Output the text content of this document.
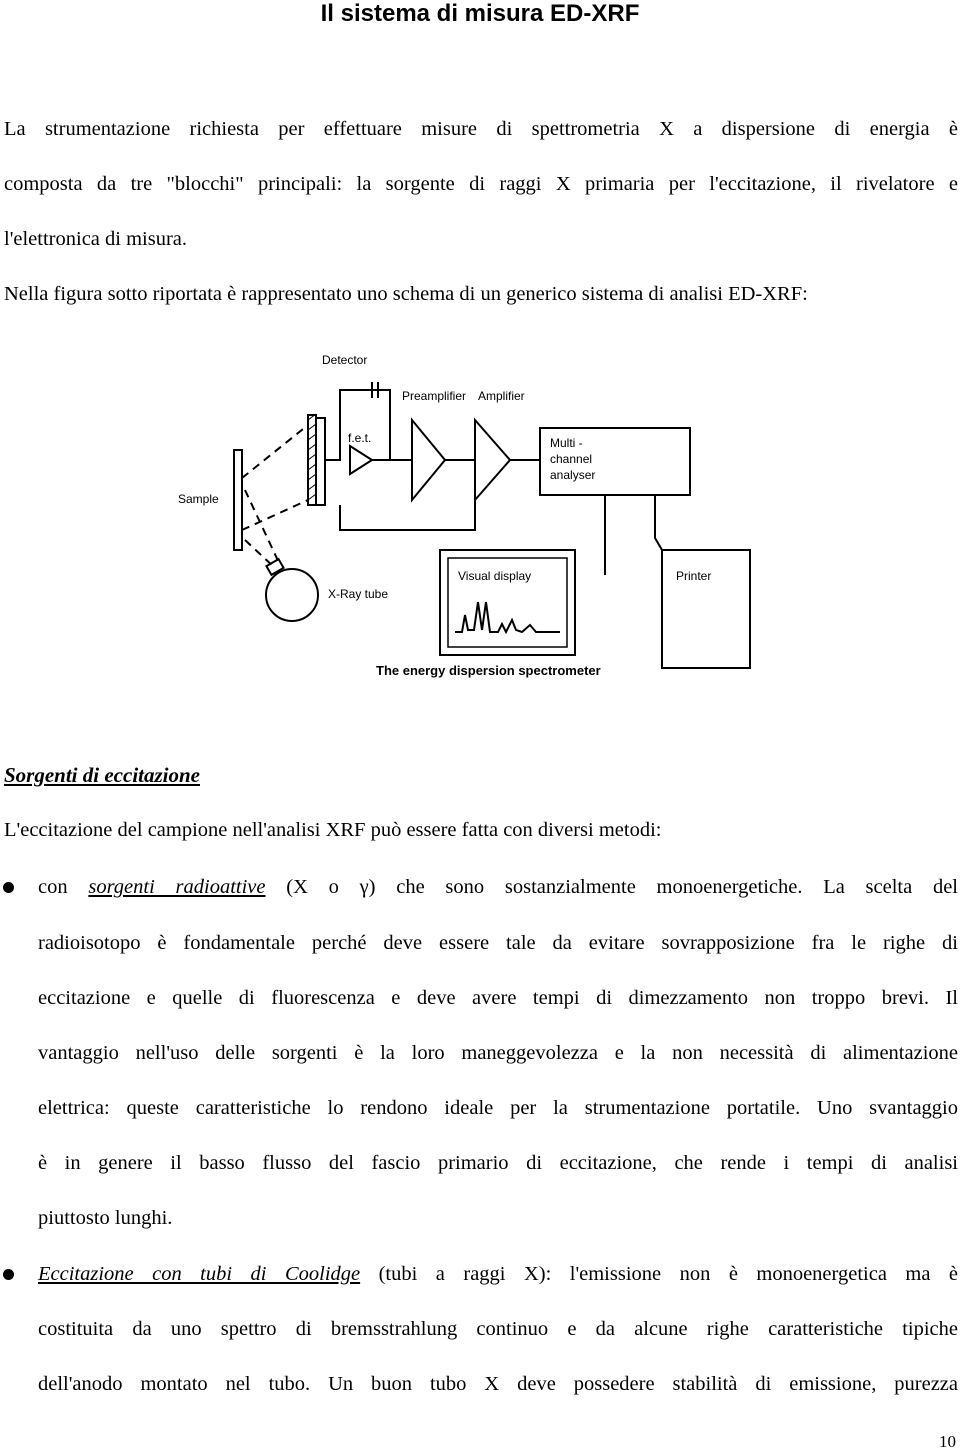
Il sistema di misura ED-XRF
La strumentazione richiesta per effettuare misure di spettrometria X a dispersione di energia è
composta da tre "blocchi" principali: la sorgente di raggi X primaria per l'eccitazione, il rivelatore e
l'elettronica di misura.
Nella figura sotto riportata è rappresentato uno schema di un generico sistema di analisi ED-XRF:
Detector
Preamplifier Amplifier
f.e.t.	Multi -
channel
analyser
Sample
X-Ray tube
Visual display	Printer
The energy dispersion spectrometer
Sorgenti di eccitazione
L'eccitazione del campione nell'analisi XRF può essere fatta con diversi metodi:
con sorgenti radioattive (X o γ) che sono sostanzialmente monoenergetiche. La scelta del
radioisotopo è fondamentale perché deve essere tale da evitare sovrapposizione fra le righe di
eccitazione e quelle di fluorescenza e deve avere tempi di dimezzamento non troppo brevi. Il
vantaggio nell'uso delle sorgenti è la loro maneggevolezza e la non necessità di alimentazione
elettrica: queste caratteristiche lo rendono ideale per la strumentazione portatile. Uno svantaggio
è in genere il basso flusso del fascio primario di eccitazione, che rende i tempi di analisi
piuttosto lunghi.
Eccitazione con tubi di Coolidge (tubi a raggi X): l'emissione non è monoenergetica ma è
costituita da uno spettro di bremsstrahlung continuo e da alcune righe caratteristiche tipiche
dell'anodo montato nel tubo. Un buon tubo X deve possedere stabilità di emissione, purezza
10
